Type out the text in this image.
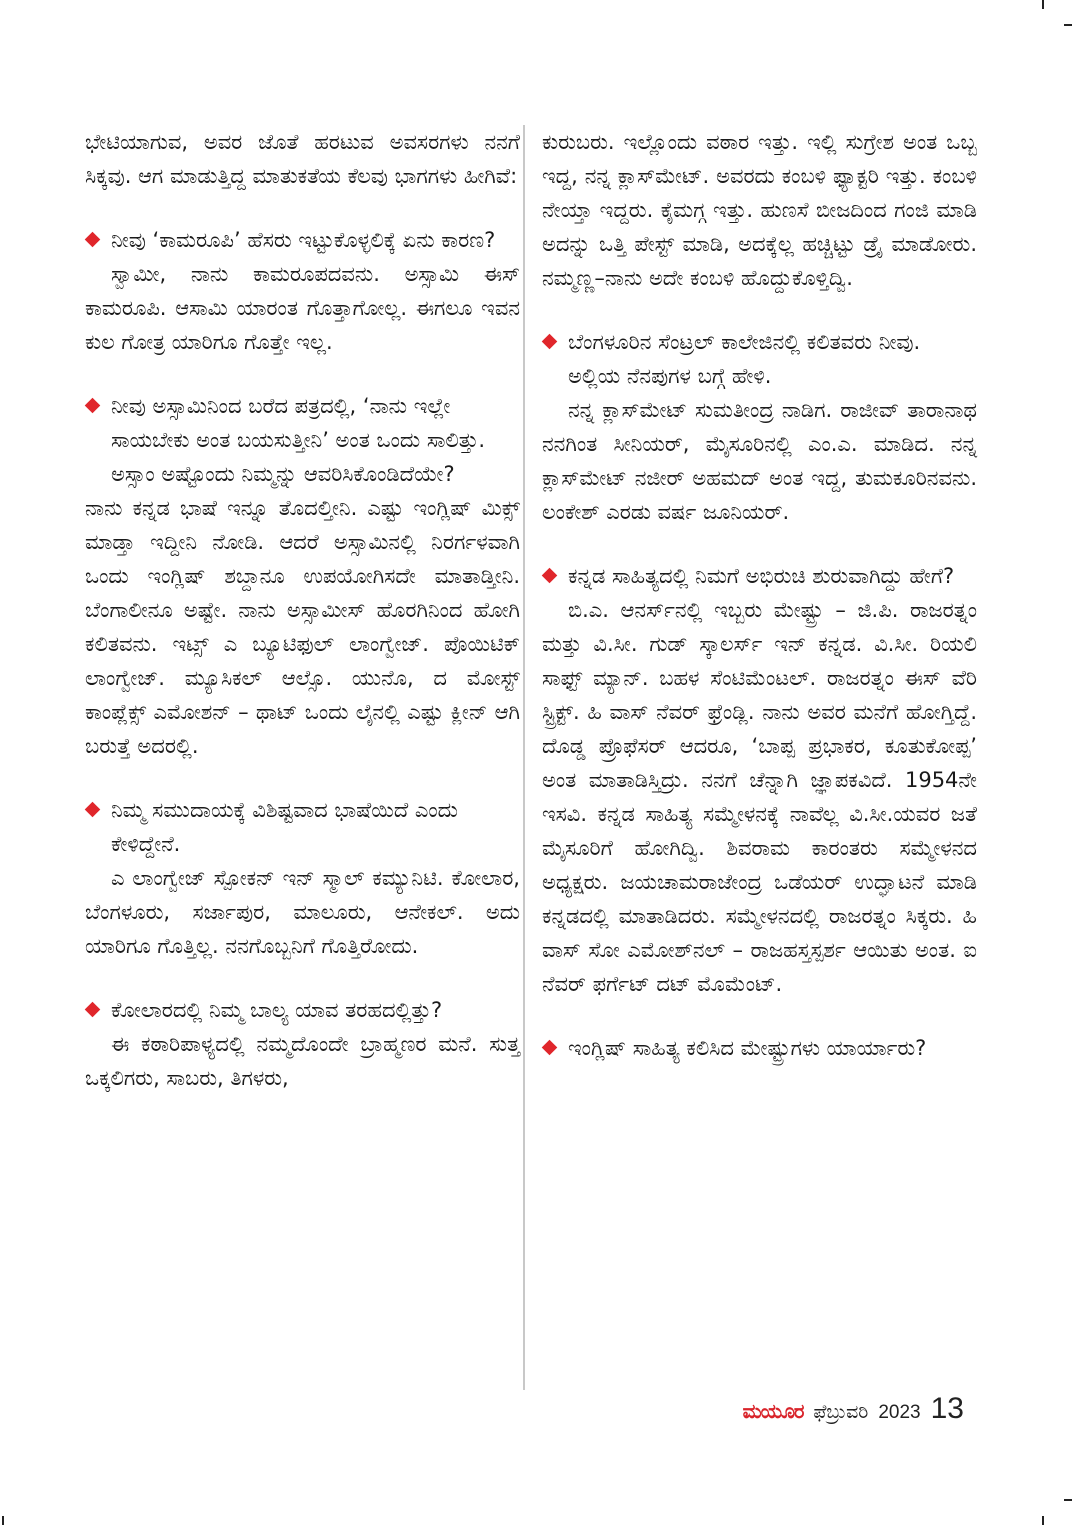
ಭೇಟಿಯಾಗುವ, ಅವರ ಜೊತೆ ಹರಟುವ ಅವಸರಗಳು ನನಗೆ ಸಿಕ್ಕವು. ಆಗ ಮಾಡುತ್ತಿದ್ದ ಮಾತುಕತೆಯ ಕೆಲವು ಭಾಗಗಳು ಹೀಗಿವೆ:

ನೀವು ‘ಕಾಮರೂಪಿ’ ಹೆಸರು ಇಟ್ಟುಕೊಳ್ಳಲಿಕ್ಕೆ ಏನು ಕಾರಣ?

ಸ್ವಾಮೀ, ನಾನು ಕಾಮರೂಪದವನು. ಅಸ್ಸಾಮಿ ಈಸ್ ಕಾಮರೂಪಿ. ಆಸಾಮಿ ಯಾರಂತ ಗೊತ್ತಾಗೋಲ್ಲ. ಈಗಲೂ ಇವನ ಕುಲ ಗೋತ್ರ ಯಾರಿಗೂ ಗೊತ್ತೇ ಇಲ್ಲ.

ನೀವು ಅಸ್ಸಾಮಿನಿಂದ ಬರೆದ ಪತ್ರದಲ್ಲಿ, ‘ನಾನು ಇಲ್ಲೇ ಸಾಯಬೇಕು ಅಂತ ಬಯಸುತ್ತೀನಿ’ ಅಂತ ಒಂದು ಸಾಲಿತ್ತು. ಅಸ್ಸಾಂ ಅಷ್ಟೊಂದು ನಿಮ್ಮನ್ನು ಆವರಿಸಿಕೊಂಡಿದೆಯೇ?

ನಾನು ಕನ್ನಡ ಭಾಷೆ ಇನ್ನೂ ತೊದಲ್ತೀನಿ. ಎಷ್ಟು ಇಂಗ್ಲಿಷ್ ಮಿಕ್ಸ್ ಮಾಡ್ತಾ ಇದ್ದೀನಿ ನೋಡಿ. ಆದರೆ ಅಸ್ಸಾಮಿನಲ್ಲಿ ನಿರರ್ಗಳವಾಗಿ ಒಂದು ಇಂಗ್ಲಿಷ್ ಶಬ್ದಾನೂ ಉಪಯೋಗಿಸದೇ ಮಾತಾಡ್ತೀನಿ. ಬೆಂಗಾಲೀನೂ ಅಷ್ಟೇ. ನಾನು ಅಸ್ಸಾಮೀಸ್ ಹೊರಗಿನಿಂದ ಹೋಗಿ ಕಲಿತವನು. ಇಟ್ಸ್ ಎ ಬ್ಯೂಟಿಫುಲ್ ಲಾಂಗ್ವೇಜ್. ಪೊಯಿಟಿಕ್ ಲಾಂಗ್ವೇಜ್. ಮ್ಯೂಸಿಕಲ್ ಆಲ್ಸೊ. ಯುನೊ, ದ ಮೋಸ್ಟ್ ಕಾಂಪ್ಲೆಕ್ಸ್ ಎಮೋಶನ್ – ಥಾಟ್ ಒಂದು ಲೈನಲ್ಲಿ ಎಷ್ಟು ಕ್ಲೀನ್ ಆಗಿ ಬರುತ್ತೆ ಅದರಲ್ಲಿ.

ನಿಮ್ಮ ಸಮುದಾಯಕ್ಕೆ ವಿಶಿಷ್ಟವಾದ ಭಾಷೆಯಿದೆ ಎಂದು ಕೇಳಿದ್ದೇನೆ.

ಎ ಲಾಂಗ್ವೇಜ್ ಸ್ಪೋಕನ್ ಇನ್ ಸ್ಮಾಲ್ ಕಮ್ಯುನಿಟಿ. ಕೋಲಾರ, ಬೆಂಗಳೂರು, ಸರ್ಜಾಪುರ, ಮಾಲೂರು, ಆನೇಕಲ್. ಅದು ಯಾರಿಗೂ ಗೊತ್ತಿಲ್ಲ. ನನಗೊಬ್ಬನಿಗೆ ಗೊತ್ತಿರೋದು.

ಕೋಲಾರದಲ್ಲಿ ನಿಮ್ಮ ಬಾಲ್ಯ ಯಾವ ತರಹದಲ್ಲಿತ್ತು?

ಈ ಕಠಾರಿಪಾಳ್ಯದಲ್ಲಿ ನಮ್ಮದೊಂದೇ ಬ್ರಾಹ್ಮಣರ ಮನೆ. ಸುತ್ತ ಒಕ್ಕಲಿಗರು, ಸಾಬರು, ತಿಗಳರು,

ಕುರುಬರು. ಇಲ್ಲೊಂದು ವಠಾರ ಇತ್ತು. ಇಲ್ಲಿ ಸುಗ್ರೇಶ ಅಂತ ಒಬ್ಬ ಇದ್ದ, ನನ್ನ ಕ್ಲಾಸ್‌ಮೇಟ್. ಅವರದು ಕಂಬಳಿ ಫ್ಯಾಕ್ಟರಿ ಇತ್ತು. ಕಂಬಳಿ ನೇಯ್ತಾ ಇದ್ದರು. ಕೈಮಗ್ಗ ಇತ್ತು. ಹುಣಸೆ ಬೀಜದಿಂದ ಗಂಜಿ ಮಾಡಿ ಅದನ್ನು ಒತ್ತಿ ಪೇಸ್ಟ್ ಮಾಡಿ, ಅದಕ್ಕೆಲ್ಲ ಹಚ್ಚಿಟ್ಟು ಡ್ರೈ ಮಾಡೋರು. ನಮ್ಮಣ್ಣ–ನಾನು ಅದೇ ಕಂಬಳಿ ಹೊದ್ದುಕೊಳ್ತಿದ್ವಿ.

ಬೆಂಗಳೂರಿನ ಸೆಂಟ್ರಲ್ ಕಾಲೇಜಿನಲ್ಲಿ ಕಲಿತವರು ನೀವು. ಅಲ್ಲಿಯ ನೆನಪುಗಳ ಬಗ್ಗೆ ಹೇಳಿ.

ನನ್ನ ಕ್ಲಾಸ್‌ಮೇಟ್ ಸುಮತೀಂದ್ರ ನಾಡಿಗ. ರಾಜೀವ್ ತಾರಾನಾಥ ನನಗಿಂತ ಸೀನಿಯರ್, ಮೈಸೂರಿನಲ್ಲಿ ಎಂ.ಎ. ಮಾಡಿದ. ನನ್ನ ಕ್ಲಾಸ್‌ಮೇಟ್ ನಜೀರ್ ಅಹಮದ್ ಅಂತ ಇದ್ದ, ತುಮಕೂರಿನವನು. ಲಂಕೇಶ್ ಎರಡು ವರ್ಷ ಜೂನಿಯರ್.

ಕನ್ನಡ ಸಾಹಿತ್ಯದಲ್ಲಿ ನಿಮಗೆ ಅಭಿರುಚಿ ಶುರುವಾಗಿದ್ದು ಹೇಗೆ?

ಬಿ.ಎ. ಆನರ್ಸ್‌ನಲ್ಲಿ ಇಬ್ಬರು ಮೇಷ್ಟ್ರು – ಜಿ.ಪಿ. ರಾಜರತ್ನಂ ಮತ್ತು ವಿ.ಸೀ. ಗುಡ್ ಸ್ಕಾಲರ್ಸ್ ಇನ್ ಕನ್ನಡ. ವಿ.ಸೀ. ರಿಯಲಿ ಸಾಫ್ಟ್ ಮ್ಯಾನ್. ಬಹಳ ಸೆಂಟಿಮೆಂಟಲ್. ರಾಜರತ್ನಂ ಈಸ್ ವೆರಿ ಸ್ಟ್ರಿಕ್ಟ್. ಹಿ ವಾಸ್ ನೆವರ್ ಫ್ರೆಂಡ್ಲಿ. ನಾನು ಅವರ ಮನೆಗೆ ಹೋಗ್ತಿದ್ದೆ. ದೊಡ್ಡ ಪ್ರೊಫೆಸರ್ ಆದರೂ, ‘ಬಾಪ್ಪ ಪ್ರಭಾಕರ, ಕೂತುಕೋಪ್ಪ’ ಅಂತ ಮಾತಾಡಿಸ್ತಿದ್ರು. ನನಗೆ ಚೆನ್ನಾಗಿ ಜ್ಞಾಪಕವಿದೆ. 1954ನೇ ಇಸವಿ. ಕನ್ನಡ ಸಾಹಿತ್ಯ ಸಮ್ಮೇಳನಕ್ಕೆ ನಾವೆಲ್ಲ ವಿ.ಸೀ.ಯವರ ಜತೆ ಮೈಸೂರಿಗೆ ಹೋಗಿದ್ವಿ. ಶಿವರಾಮ ಕಾರಂತರು ಸಮ್ಮೇಳನದ ಅಧ್ಯಕ್ಷರು. ಜಯಚಾಮರಾಜೇಂದ್ರ ಒಡೆಯರ್ ಉದ್ಘಾಟನೆ ಮಾಡಿ ಕನ್ನಡದಲ್ಲಿ ಮಾತಾಡಿದರು. ಸಮ್ಮೇಳನದಲ್ಲಿ ರಾಜರತ್ನಂ ಸಿಕ್ಕರು. ಹಿ ವಾಸ್ ಸೋ ಎಮೋಶ್‌ನಲ್ – ರಾಜಹಸ್ತಸ್ಪರ್ಶ ಆಯಿತು ಅಂತ. ಐ ನೆವರ್ ಫರ್ಗೆಟ್ ದಟ್ ಮೊಮೆಂಟ್.

ಇಂಗ್ಲಿಷ್ ಸಾಹಿತ್ಯ ಕಲಿಸಿದ ಮೇಷ್ಟ್ರುಗಳು ಯಾರ್ಯಾರು?
ಮಯೂರ ಫೆಬ್ರುವರಿ 2023 13
